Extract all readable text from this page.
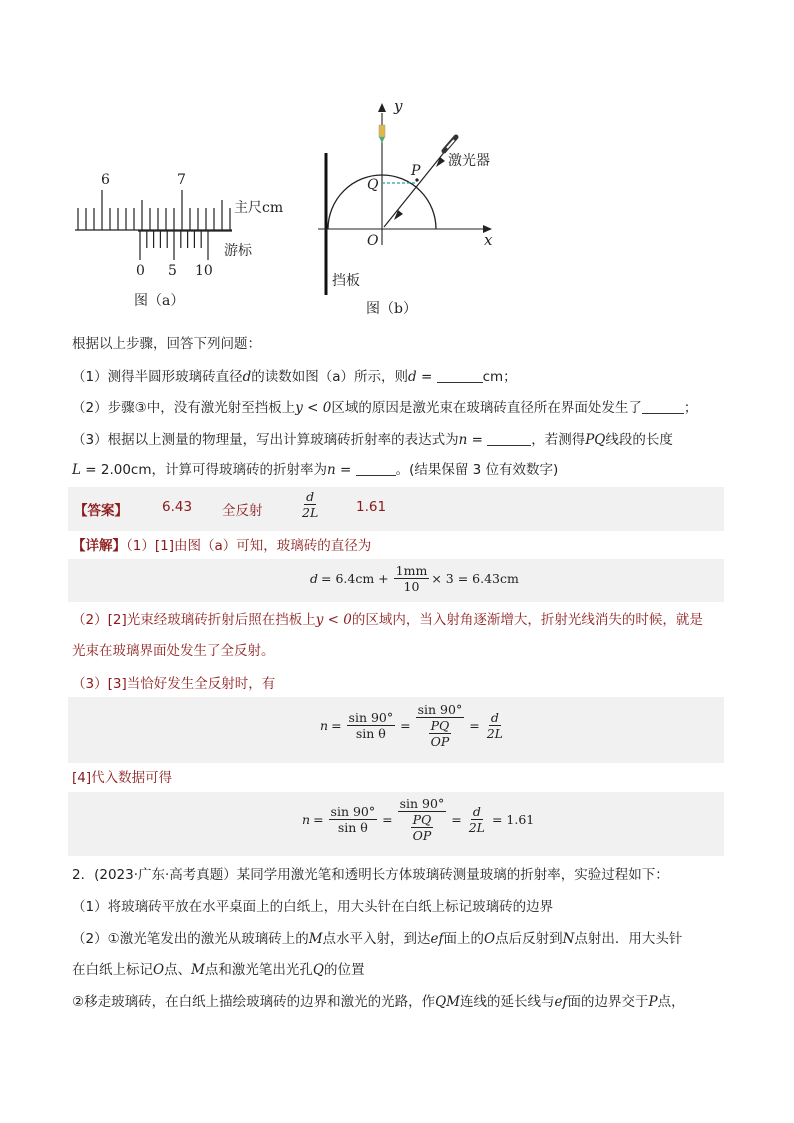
6	7
主尺cm
游标
0 5 10
图（a）
y
x
Q
P
O
激光器
挡板
图（b）
根据以上步骤，回答下列问题：
（1）测得半圆形玻璃砖直径d的读数如图（a）所示，则d =	cm；
（2）步骤③中，没有激光射至挡板上y < 0区域的原因是激光束在玻璃砖直径所在界面处发生了	；
（3）根据以上测量的物理量，写出计算玻璃砖折射率的表达式为n =	，若测得PQ线段的长度
L = 2.00cm，计算可得玻璃砖的折射率为n =	。(结果保留 3 位有效数字)
【答案】	6.43 全反射	$\frac{d}{2L}$	1.61
【详解】（1）[1]由图（a）可知，玻璃砖的直径为
$d = 6.4cm + \frac{1mm}{10} \times 3 = 6.43cm$
（2）[2]光束经玻璃砖折射后照在挡板上y < 0的区域内，当入射角逐渐增大，折射光线消失的时候，就是
光束在玻璃界面处发生了全反射。
（3）[3]当恰好发生全反射时，有
$n = \frac{\sin 90^\circ}{\text{sin θ}} = \frac{\sin 90^\circ}{\frac{PQ}{OP}} = \frac{d}{2L}$
[4]代入数据可得
$n = \frac{\sin 90^\circ}{\text{sin θ}} = \frac{\sin 90^\circ}{\frac{PQ}{OP}} = \frac{d}{2L} = 1.61$
2．(2023·广东·高考真题）某同学用激光笔和透明长方体玻璃砖测量玻璃的折射率，实验过程如下：
（1）将玻璃砖平放在水平桌面上的白纸上，用大头针在白纸上标记玻璃砖的边界
（2）①激光笔发出的激光从玻璃砖上的M点水平入射，到达ef面上的O点后反射到N点射出．用大头针
在白纸上标记O点、M点和激光笔出光孔Q的位置
②移走玻璃砖，在白纸上描绘玻璃砖的边界和激光的光路，作QM连线的延长线与ef面的边界交于P点，
